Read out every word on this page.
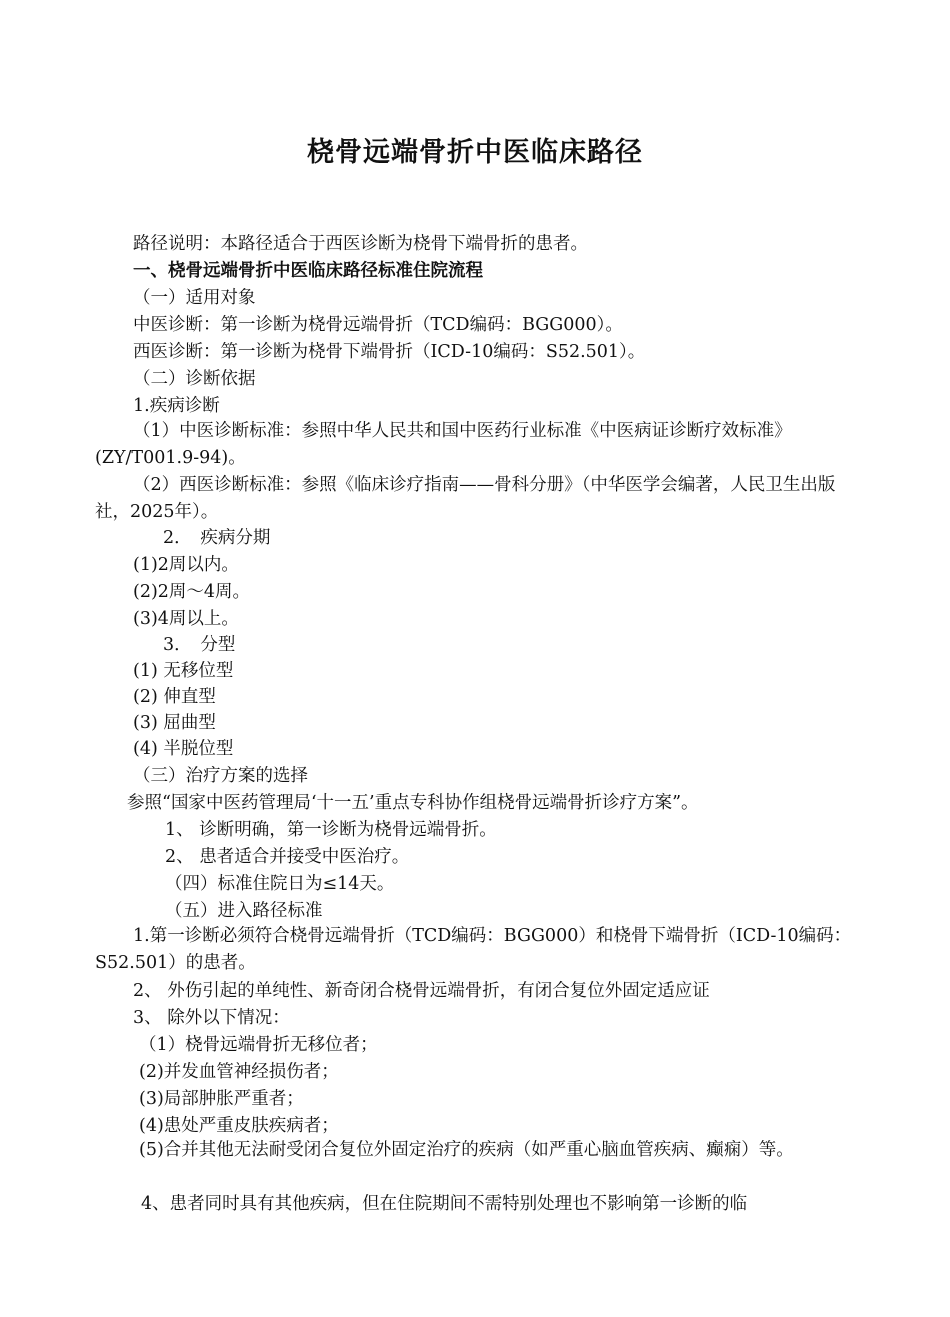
桡骨远端骨折中医临床路径
路径说明：本路径适合于西医诊断为桡骨下端骨折的患者。
一、桡骨远端骨折中医临床路径标准住院流程
（一）适用对象
中医诊断：第一诊断为桡骨远端骨折（TCD编码：BGG000）。
西医诊断：第一诊断为桡骨下端骨折（ICD-10编码：S52.501）。
（二）诊断依据
1.疾病诊断
（1）中医诊断标准：参照中华人民共和国中医药行业标准《中医病证诊断疗效标准》(ZY/T001.9-94)。
（2）西医诊断标准：参照《临床诊疗指南——骨科分册》（中华医学会编著，人民卫生出版社，2025年）。
2．　疾病分期
(1)2周以内。
(2)2周～4周。
(3)4周以上。
3．　分型
(1) 无移位型
(2) 伸直型
(3) 屈曲型
(4) 半脱位型
（三）治疗方案的选择
参照“国家中医药管理局‘十一五’重点专科协作组桡骨远端骨折诊疗方案”。
1、 诊断明确，第一诊断为桡骨远端骨折。
2、 患者适合并接受中医治疗。
（四）标准住院日为≤14天。
（五）进入路径标准
1.第一诊断必须符合桡骨远端骨折（TCD编码：BGG000）和桡骨下端骨折（ICD-10编码：S52.501）的患者。
2、 外伤引起的单纯性、新奇闭合桡骨远端骨折，有闭合复位外固定适应证
3、 除外以下情况：
（1）桡骨远端骨折无移位者；
(2)并发血管神经损伤者；
(3)局部肿胀严重者；
(4)患处严重皮肤疾病者；
(5)合并其他无法耐受闭合复位外固定治疗的疾病（如严重心脑血管疾病、癫痫）等。
4、患者同时具有其他疾病，但在住院期间不需特别处理也不影响第一诊断的临
